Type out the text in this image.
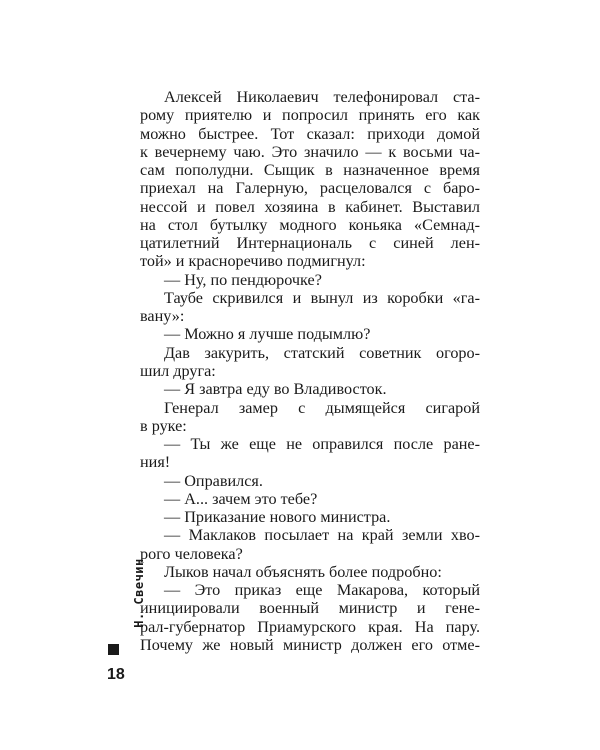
Алексей Николаевич телефонировал ста-
рому приятелю и попросил принять его как
можно быстрее. Тот сказал: приходи домой
к вечернему чаю. Это значило — к восьми ча-
сам пополудни. Сыщик в назначенное время
приехал на Галерную, расцеловался с баро-
нессой и повел хозяина в кабинет. Выставил
на стол бутылку модного коньяка «Семнад-
цатилетний Интернациональ с синей лен-
той» и красноречиво подмигнул:
— Ну, по пендюрочке?
Таубе скривился и вынул из коробки «га-
вану»:
— Можно я лучше подымлю?
Дав закурить, статский советник огоро-
шил друга:
— Я завтра еду во Владивосток.
Генерал замер с дымящейся сигарой
в руке:
— Ты же еще не оправился после ране-
ния!
— Оправился.
— А... зачем это тебе?
— Приказание нового министра.
— Маклаков посылает на край земли хво-
рого человека?
Лыков начал объяснять более подробно:
— Это приказ еще Макарова, который
инициировали военный министр и гене-
рал-губернатор Приамурского края. На пару.
Почему же новый министр должен его отме-
Н. Свечин
18
